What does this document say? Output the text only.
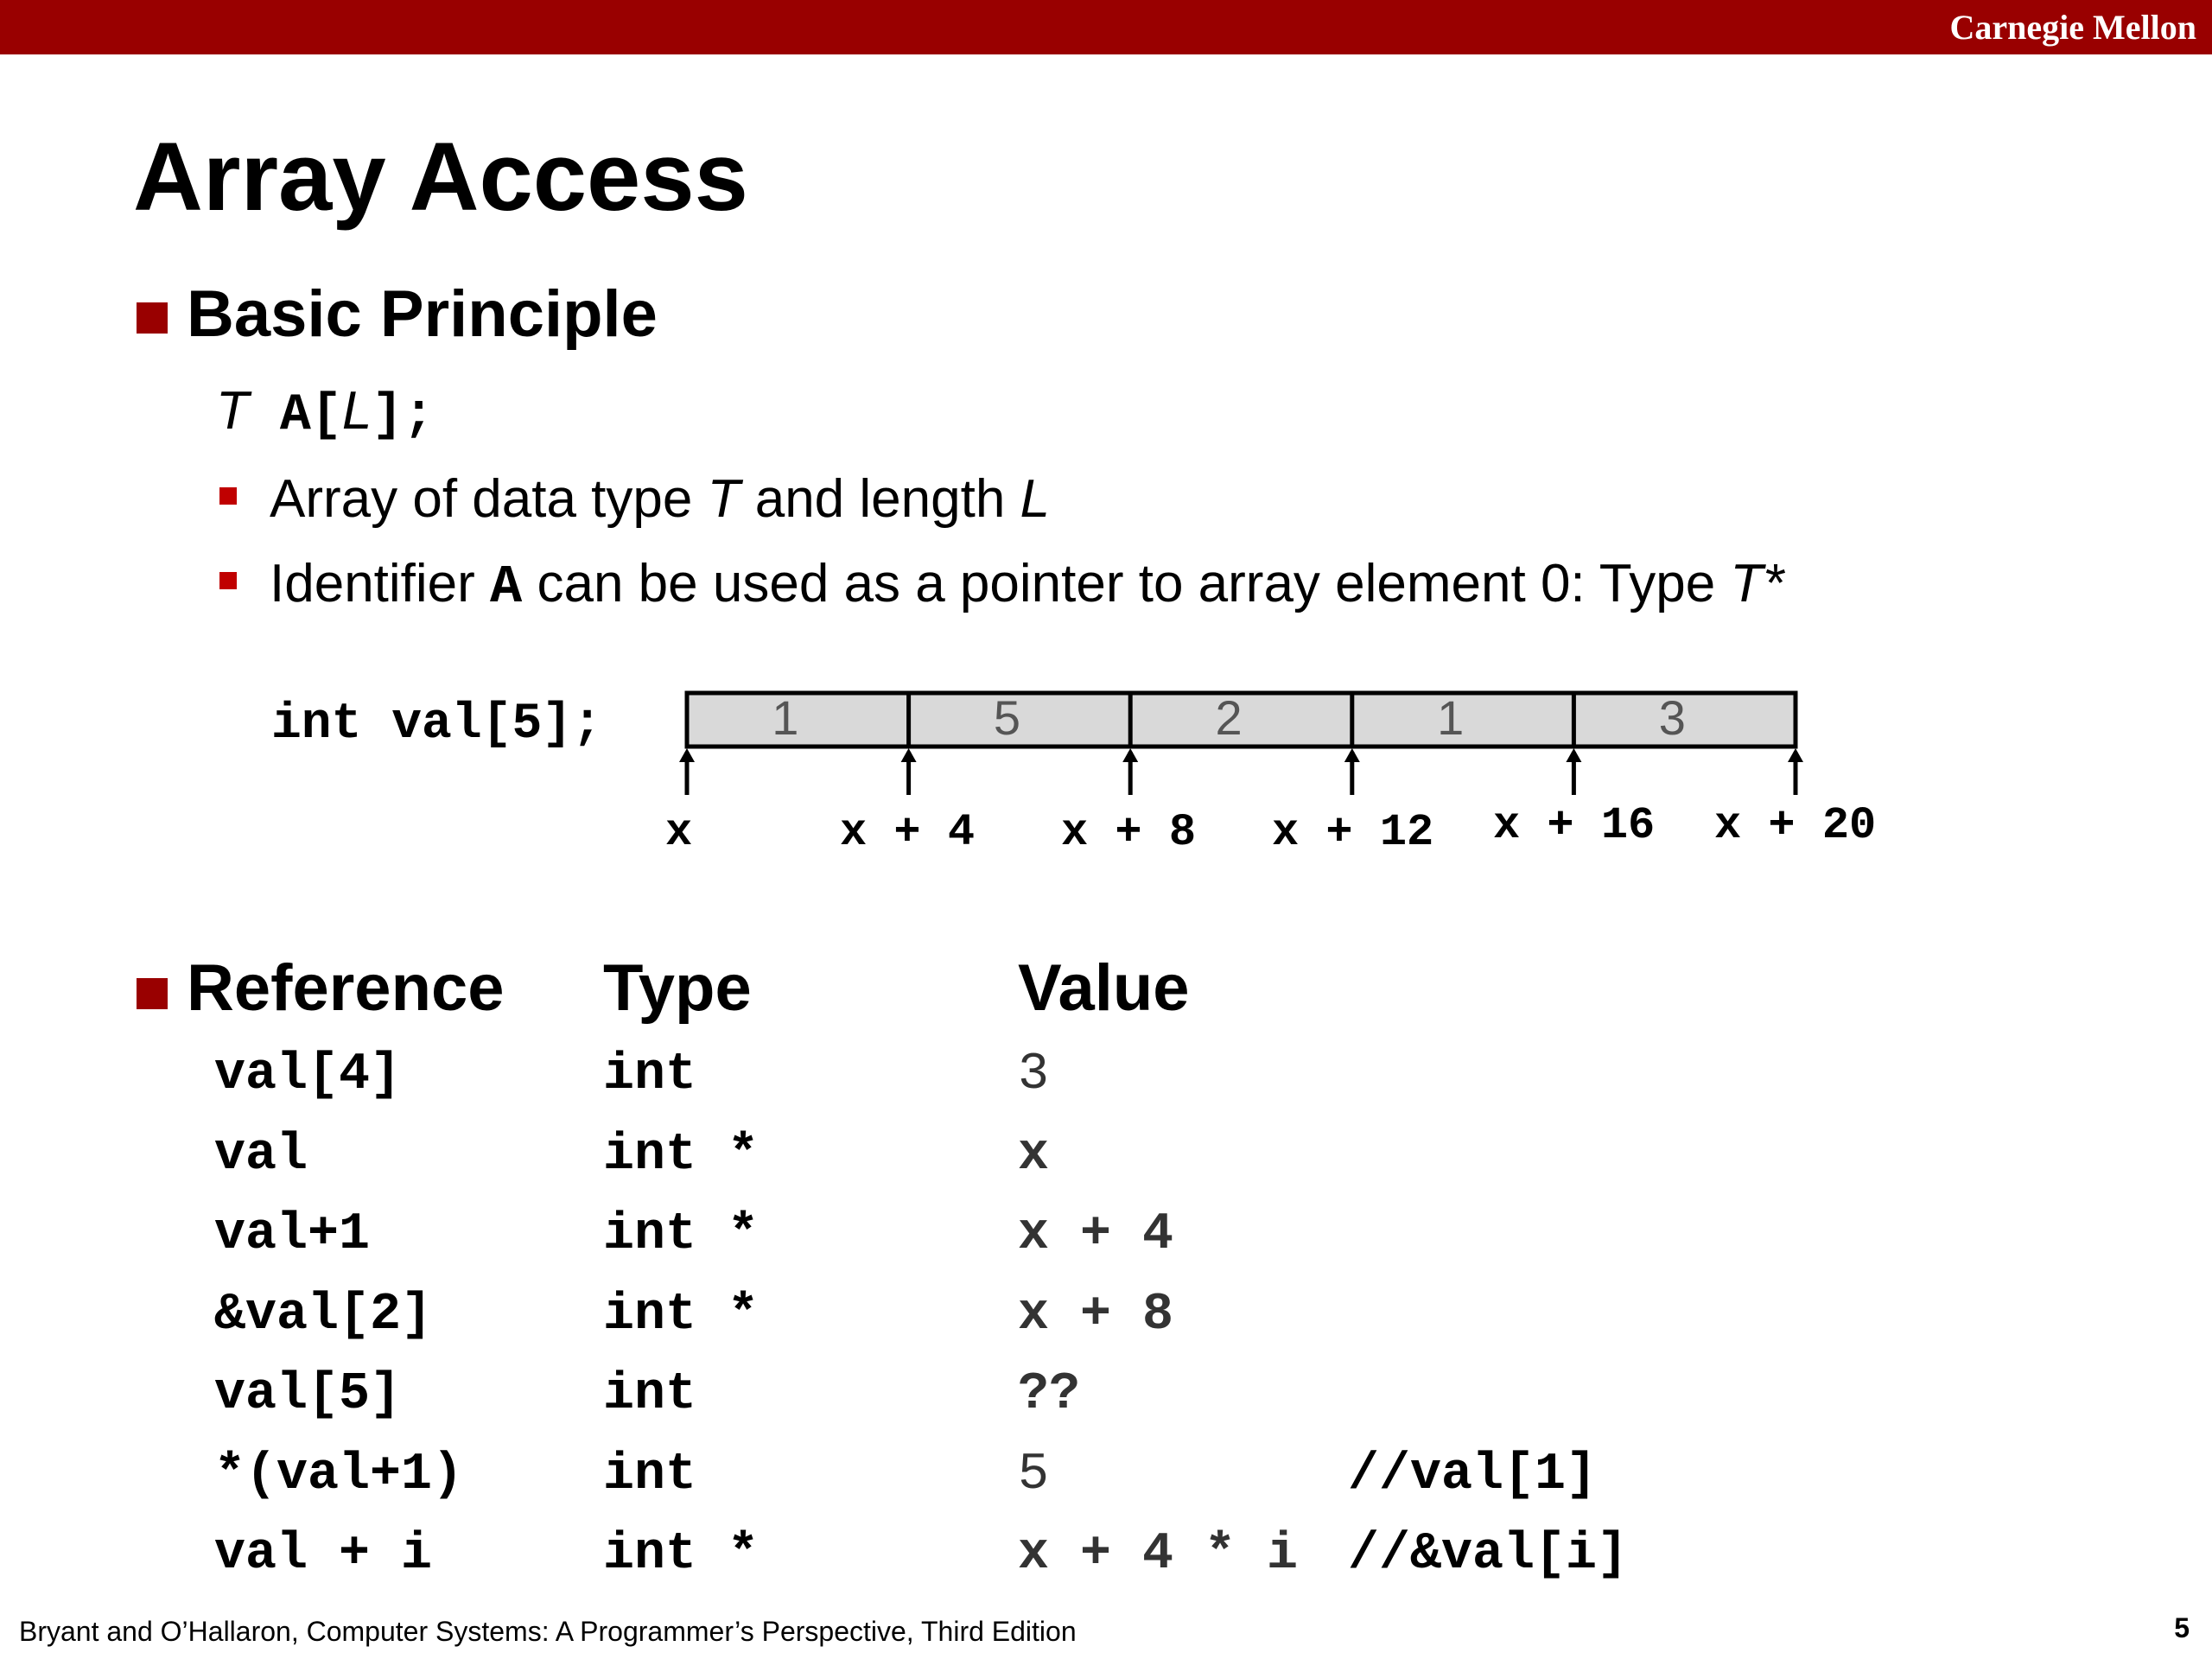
Carnegie Mellon
Array Access
Basic Principle
T A[L];
Array of data type T and length L
Identifier A can be used as a pointer to array element 0: Type T*
int val[5];	1	5	2	1	3
x	x + 4 x + 8 x + 12 x + 16 x + 20
Reference Type	Value
val[4]	int	3
val	int *	x
val+1	int *	x + 4
&val[2]	int *	x + 8
val[5]	int	??
*(val+1)	int	5	//val[1]
val + i	int *	x + 4 * i //&val[i]
Bryant and O’Hallaron, Computer Systems: A Programmer’s Perspective, Third Edition	5
